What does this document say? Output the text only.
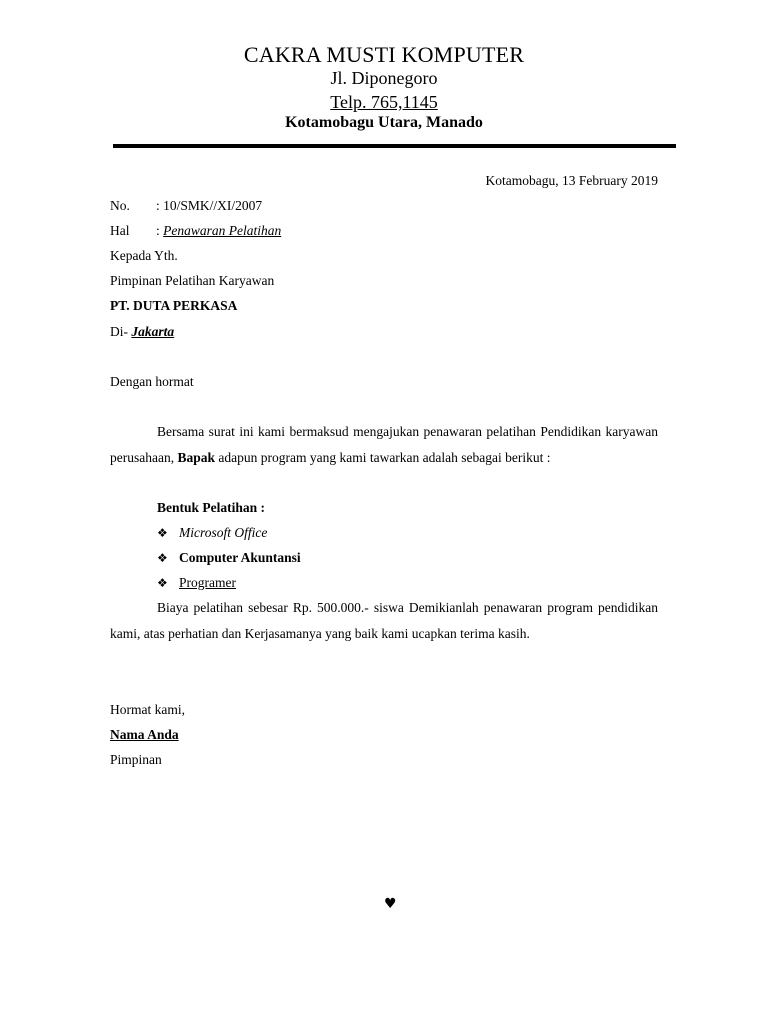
CAKRA MUSTI KOMPUTER
Jl. Diponegoro
Telp. 765,1145
Kotamobagu Utara, Manado
Kotamobagu, 13 February 2019
No. : 10/SMK//XI/2007
Hal : Penawaran Pelatihan
Kepada Yth.
Pimpinan Pelatihan Karyawan
PT. DUTA PERKASA
Di- Jakarta
Dengan hormat

Bersama surat ini kami bermaksud mengajukan penawaran pelatihan Pendidikan karyawan perusahaan, Bapak adapun program yang kami tawarkan adalah sebagai berikut :

Bentuk Pelatihan :
❖ Microsoft Office
❖ Computer Akuntansi
❖ Programer

Biaya pelatihan sebesar Rp. 500.000.- siswa Demikianlah penawaran program pendidikan kami, atas perhatian dan Kerjasamanya yang baik kami ucapkan terima kasih.

Hormat kami,
Nama Anda
Pimpinan
♥
